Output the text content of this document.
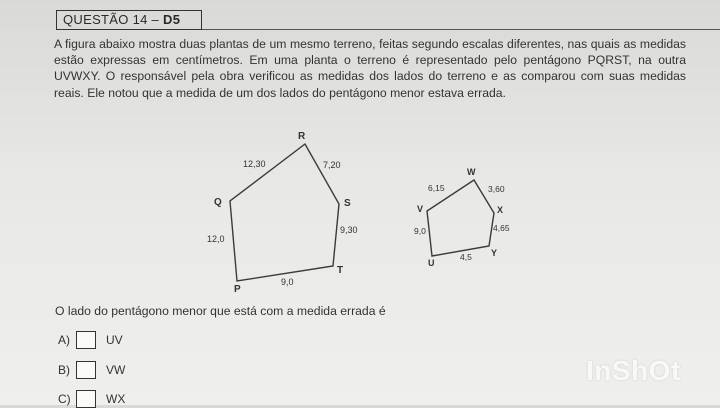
QUESTÃO 14 – D5
A figura abaixo mostra duas plantas de um mesmo terreno, feitas segundo escalas diferentes, nas quais as medidas estão expressas em centímetros. Em uma planta o terreno é representado pelo pentágono PQRST, na outra UVWXY. O responsável pela obra verificou as medidas dos lados do terreno e as comparou com suas medidas reais. Ele notou que a medida de um dos lados do pentágono menor estava errada.
R
Q	S
T
P
12,30	7,20
9,30
9,0
12,0
W
V	X
Y
U
6,15	3,60
4,65
4,5
9,0
O lado do pentágono menor que está com a medida errada é
A)	UV
B)	VW
C)	WX
InShOt
